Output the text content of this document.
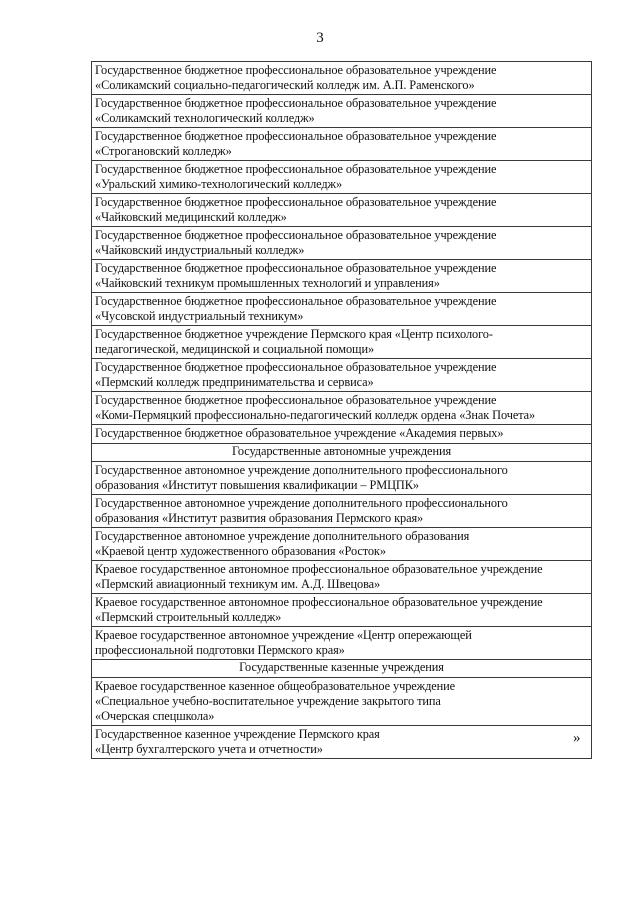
3
Государственное бюджетное профессиональное образовательное учреждение
«Соликамский социально-педагогический колледж им. А.П. Раменского»

Государственное бюджетное профессиональное образовательное учреждение
«Соликамский технологический колледж»

Государственное бюджетное профессиональное образовательное учреждение
«Строгановский колледж»

Государственное бюджетное профессиональное образовательное учреждение
«Уральский химико-технологический колледж»

Государственное бюджетное профессиональное образовательное учреждение
«Чайковский медицинский колледж»

Государственное бюджетное профессиональное образовательное учреждение
«Чайковский индустриальный колледж»

Государственное бюджетное профессиональное образовательное учреждение
«Чайковский техникум промышленных технологий и управления»

Государственное бюджетное профессиональное образовательное учреждение
«Чусовской индустриальный техникум»

Государственное бюджетное учреждение Пермского края «Центр психолого-
педагогической, медицинской и социальной помощи»

Государственное бюджетное профессиональное образовательное учреждение
«Пермский колледж предпринимательства и сервиса»

Государственное бюджетное профессиональное образовательное учреждение
«Коми-Пермяцкий профессионально-педагогический колледж ордена «Знак Почета»

Государственное бюджетное образовательное учреждение «Академия первых»

Государственные автономные учреждения

Государственное автономное учреждение дополнительного профессионального
образования «Институт повышения квалификации – РМЦПК»

Государственное автономное учреждение дополнительного профессионального
образования «Институт развития образования Пермского края»

Государственное автономное учреждение дополнительного образования
«Краевой центр художественного образования «Росток»

Краевое государственное автономное профессиональное образовательное учреждение
«Пермский авиационный техникум им. А.Д. Швецова»

Краевое государственное автономное профессиональное образовательное учреждение
«Пермский строительный колледж»

Краевое государственное автономное учреждение «Центр опережающей
профессиональной подготовки Пермского края»

Государственные казенные учреждения

Краевое государственное казенное общеобразовательное учреждение
«Специальное учебно-воспитательное учреждение закрытого типа
«Очерская спецшкола»

Государственное казенное учреждение Пермского края
«Центр бухгалтерского учета и отчетности»
»
